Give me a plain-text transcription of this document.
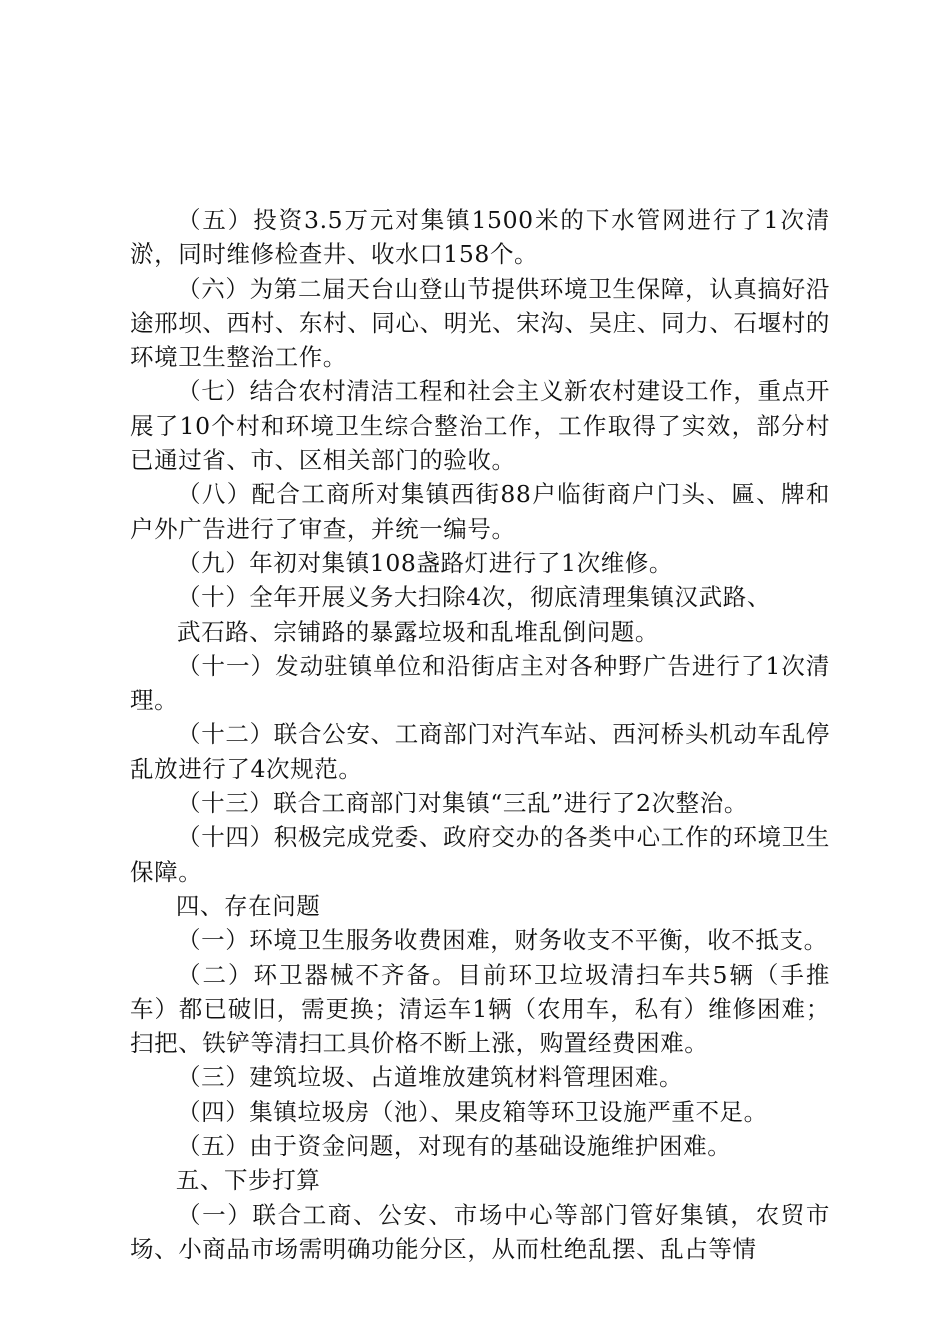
（五）投资3.5万元对集镇1500米的下水管网进行了1次清淤，同时维修检查井、收水口158个。

（六）为第二届天台山登山节提供环境卫生保障，认真搞好沿途邢坝、西村、东村、同心、明光、宋沟、吴庄、同力、石堰村的环境卫生整治工作。

（七）结合农村清洁工程和社会主义新农村建设工作，重点开展了10个村和环境卫生综合整治工作，工作取得了实效，部分村已通过省、市、区相关部门的验收。

（八）配合工商所对集镇西街88户临街商户门头、匾、牌和户外广告进行了审查，并统一编号。

（九）年初对集镇108盏路灯进行了1次维修。

（十）全年开展义务大扫除4次，彻底清理集镇汉武路、

武石路、宗铺路的暴露垃圾和乱堆乱倒问题。

（十一）发动驻镇单位和沿街店主对各种野广告进行了1次清理。

（十二）联合公安、工商部门对汽车站、西河桥头机动车乱停乱放进行了4次规范。

（十三）联合工商部门对集镇“三乱”进行了2次整治。

（十四）积极完成党委、政府交办的各类中心工作的环境卫生保障。

四、存在问题

（一）环境卫生服务收费困难，财务收支不平衡，收不抵支。

（二）环卫器械不齐备。目前环卫垃圾清扫车共5辆（手推车）都已破旧，需更换；清运车1辆（农用车，私有）维修困难；扫把、铁铲等清扫工具价格不断上涨，购置经费困难。

（三）建筑垃圾、占道堆放建筑材料管理困难。

（四）集镇垃圾房（池）、果皮箱等环卫设施严重不足。

（五）由于资金问题，对现有的基础设施维护困难。

五、下步打算

（一）联合工商、公安、市场中心等部门管好集镇，农贸市场、小商品市场需明确功能分区，从而杜绝乱摆、乱占等情
